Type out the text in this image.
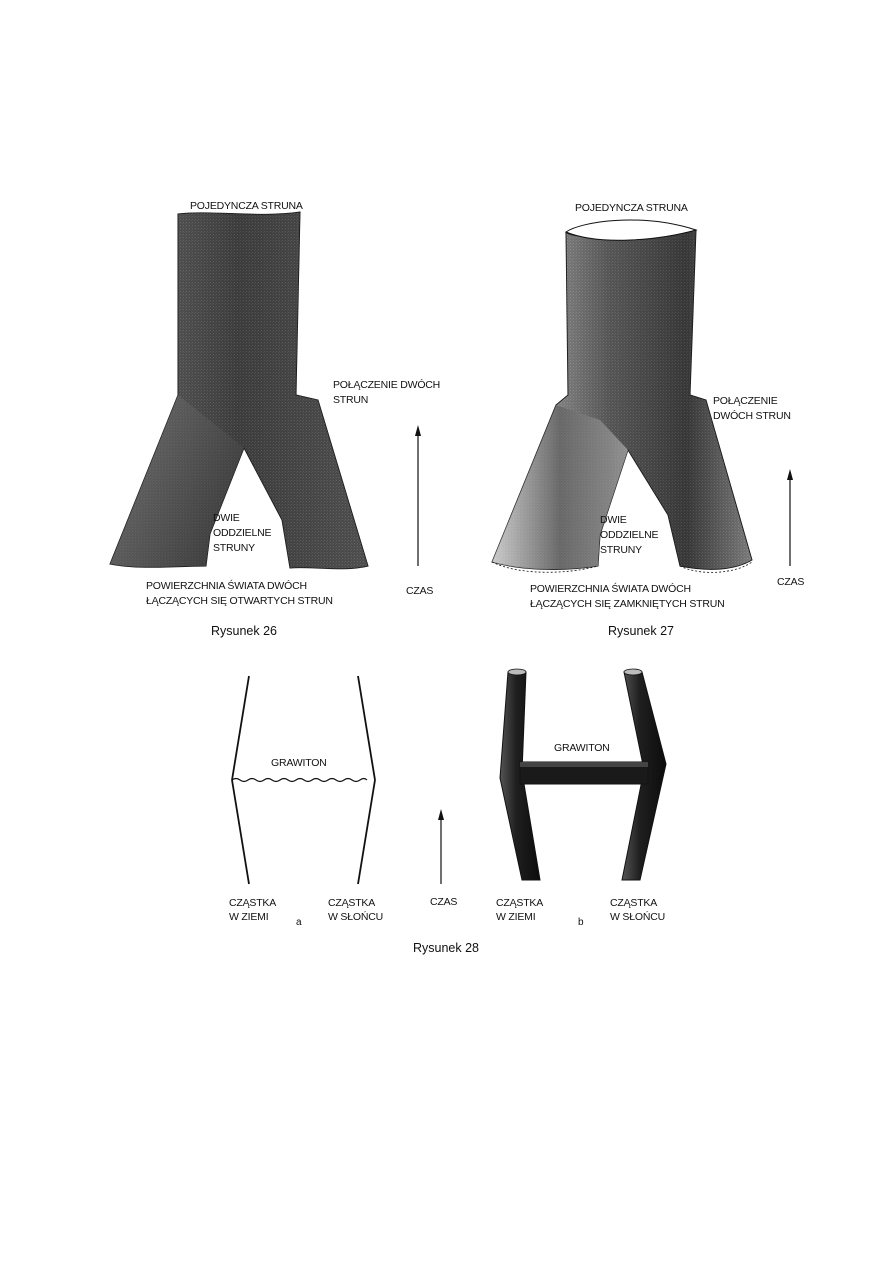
POJEDYNCZA STRUNA
POŁĄCZENIE DWÓCH
STRUN
DWIE
ODDZIELNE
STRUNY
POWIERZCHNIA ŚWIATA DWÓCH
ŁĄCZĄCYCH SIĘ OTWARTYCH STRUN
CZAS
Rysunek 26
POJEDYNCZA STRUNA
POŁĄCZENIE
DWÓCH STRUN
DWIE
ODDZIELNE
STRUNY
POWIERZCHNIA ŚWIATA DWÓCH
ŁĄCZĄCYCH SIĘ ZAMKNIĘTYCH STRUN
CZAS
Rysunek 27
GRAWITON
CZĄSTKA
W ZIEMI
CZĄSTKA
W SŁOŃCU
a
CZAS
GRAWITON
CZĄSTKA
W ZIEMI
CZĄSTKA
W SŁOŃCU
b
Rysunek 28
